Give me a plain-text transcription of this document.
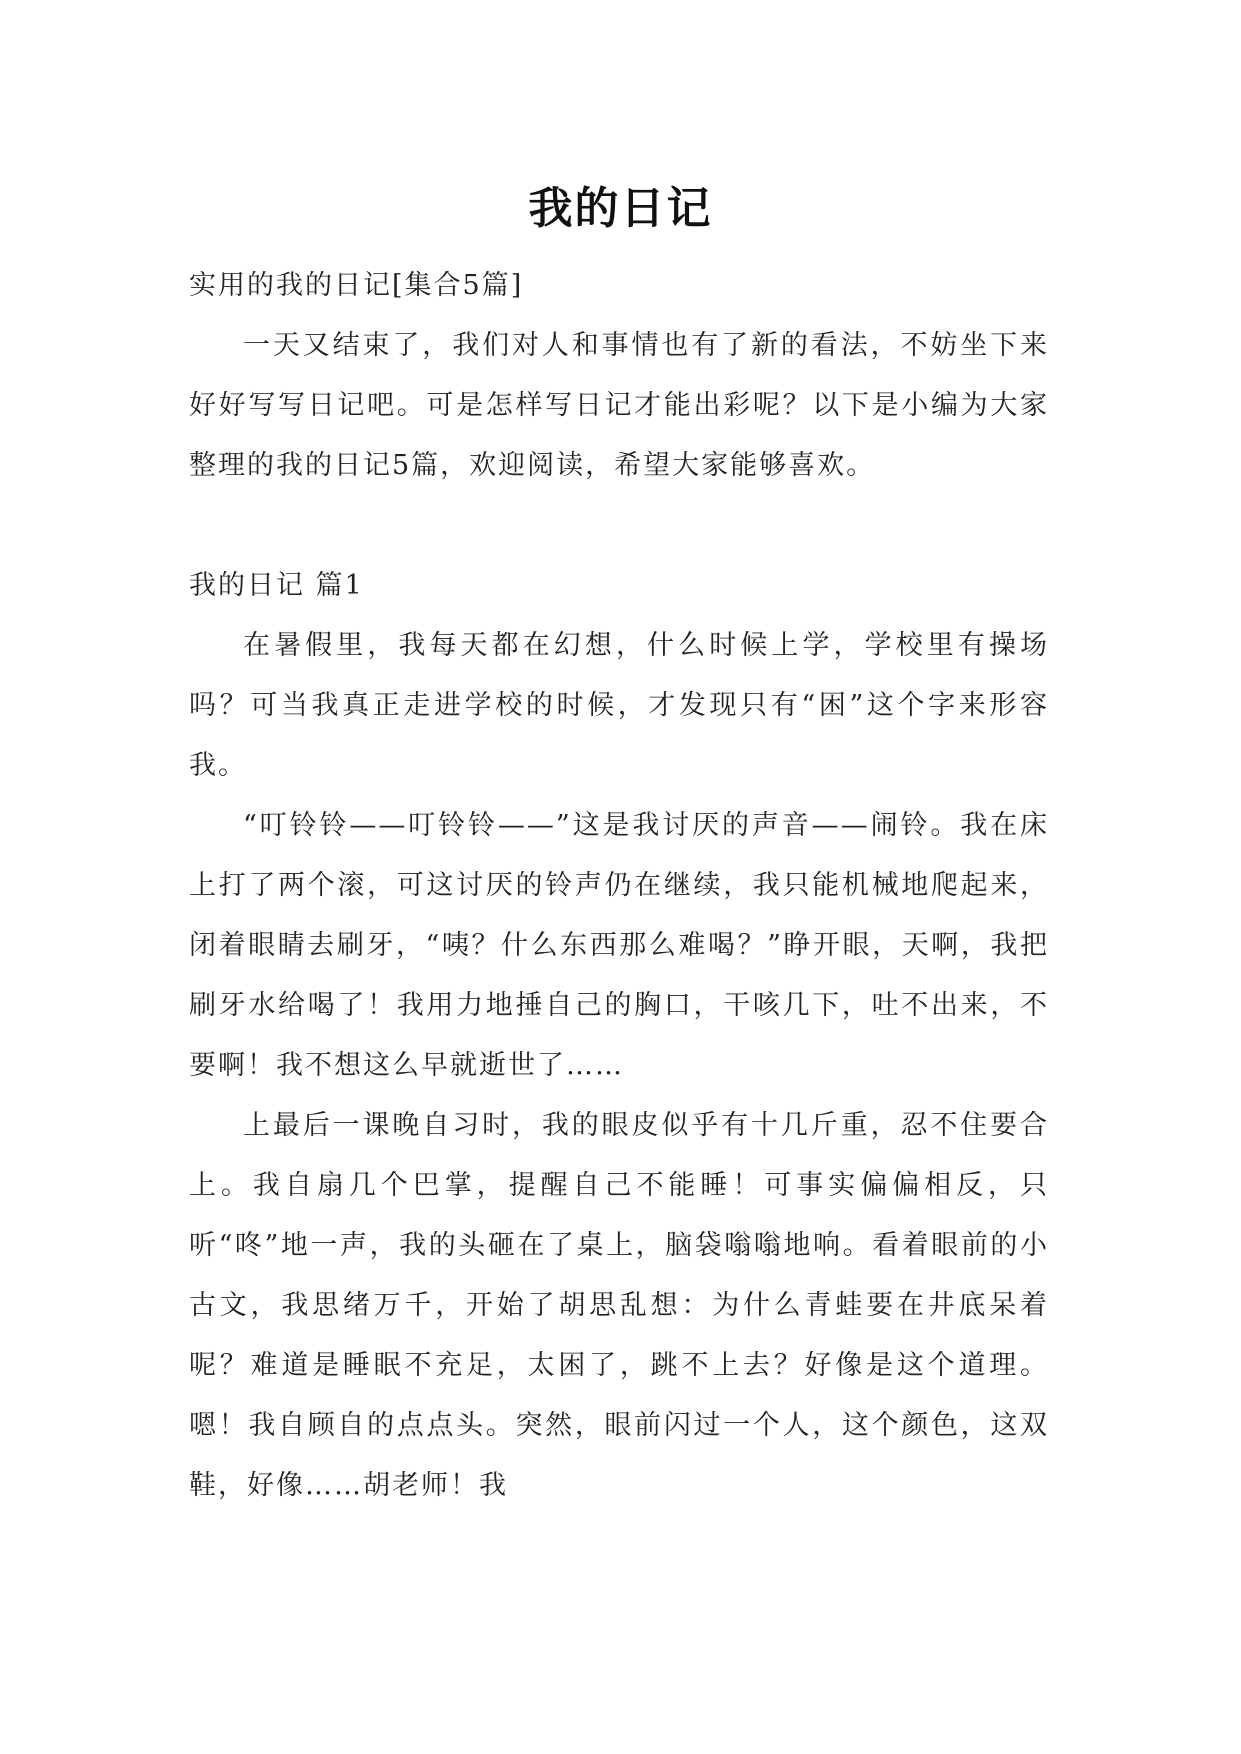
我的日记

实用的我的日记[集合5篇]

一天又结束了，我们对人和事情也有了新的看法，不妨坐下来好好写写日记吧。可是怎样写日记才能出彩呢？以下是小编为大家整理的我的日记5篇，欢迎阅读，希望大家能够喜欢。

我的日记 篇1

在暑假里，我每天都在幻想，什么时候上学，学校里有操场吗？可当我真正走进学校的时候，才发现只有“困”这个字来形容我。

“叮铃铃——叮铃铃——”这是我讨厌的声音——闹铃。我在床上打了两个滚，可这讨厌的铃声仍在继续，我只能机械地爬起来，闭着眼睛去刷牙，“咦？什么东西那么难喝？”睁开眼，天啊，我把刷牙水给喝了！我用力地捶自己的胸口，干咳几下，吐不出来，不要啊！我不想这么早就逝世了……

上最后一课晚自习时，我的眼皮似乎有十几斤重，忍不住要合上。我自扇几个巴掌，提醒自己不能睡！可事实偏偏相反，只听“咚”地一声，我的头砸在了桌上，脑袋嗡嗡地响。看着眼前的小古文，我思绪万千，开始了胡思乱想：为什么青蛙要在井底呆着呢？难道是睡眠不充足，太困了，跳不上去？好像是这个道理。嗯！我自顾自的点点头。突然，眼前闪过一个人，这个颜色，这双鞋，好像……胡老师！我
